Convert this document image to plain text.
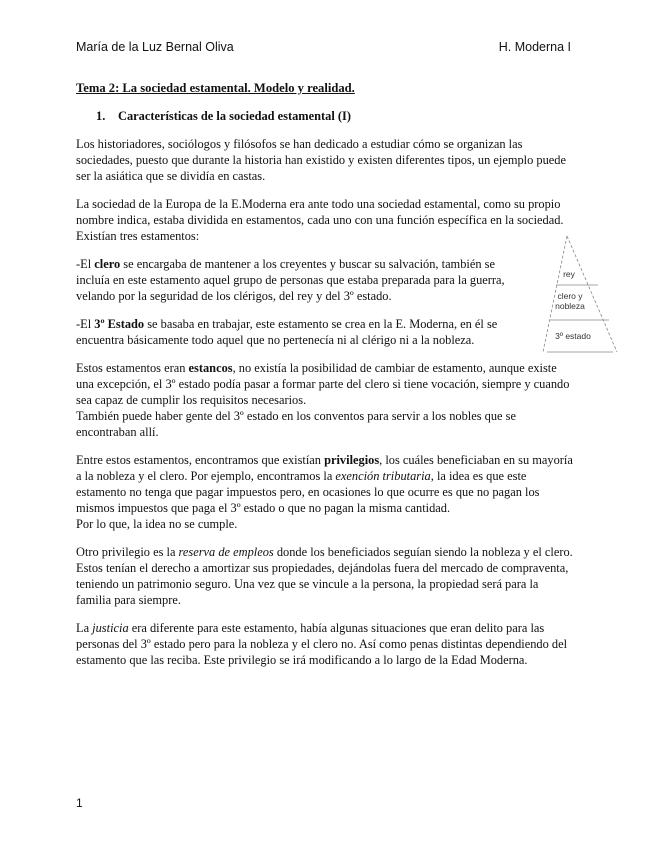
María de la Luz Bernal Oliva	H. Moderna I

Tema 2: La sociedad estamental. Modelo y realidad.

1. Características de la sociedad estamental (I)

Los historiadores, sociólogos y filósofos se han dedicado a estudiar cómo se organizan las sociedades, puesto que durante la historia han existido y existen diferentes tipos, un ejemplo puede ser la asiática que se dividía en castas.

La sociedad de la Europa de la E.Moderna era ante todo una sociedad estamental, como su propio nombre indica, estaba dividida en estamentos, cada uno con una función específica en la sociedad. Existían tres estamentos:

-El clero se encargaba de mantener a los creyentes y buscar su salvación, también se incluía en este estamento aquel grupo de personas que estaba preparada para la guerra, velando por la seguridad de los clérigos, del rey y del 3º estado.

-El 3º Estado se basaba en trabajar, este estamento se crea en la E. Moderna, en él se encuentra básicamente todo aquel que no pertenecía ni al clérigo ni a la nobleza.

Estos estamentos eran estancos, no existía la posibilidad de cambiar de estamento, aunque existe una excepción, el 3º estado podía pasar a formar parte del clero si tiene vocación, siempre y cuando sea capaz de cumplir los requisitos necesarios.

También puede haber gente del 3º estado en los conventos para servir a los nobles que se encontraban allí.

Entre estos estamentos, encontramos que existían privilegios, los cuáles beneficiaban en su mayoría a la nobleza y el clero. Por ejemplo, encontramos la exención tributaria, la idea es que este estamento no tenga que pagar impuestos pero, en ocasiones lo que ocurre es que no pagan los mismos impuestos que paga el 3º estado o que no pagan la misma cantidad.

Por lo que, la idea no se cumple.

Otro privilegio es la reserva de empleos donde los beneficiados seguían siendo la nobleza y el clero. Estos tenían el derecho a amortizar sus propiedades, dejándolas fuera del mercado de compraventa, teniendo un patrimonio seguro. Una vez que se vincule a la persona, la propiedad será para la familia para siempre.

La justicia era diferente para este estamento, había algunas situaciones que eran delito para las personas del 3º estado pero para la nobleza y el clero no. Así como penas distintas dependiendo del estamento que las reciba. Este privilegio se irá modificando a lo largo de la Edad Moderna.

rey
clero y nobleza
3º estado
1
